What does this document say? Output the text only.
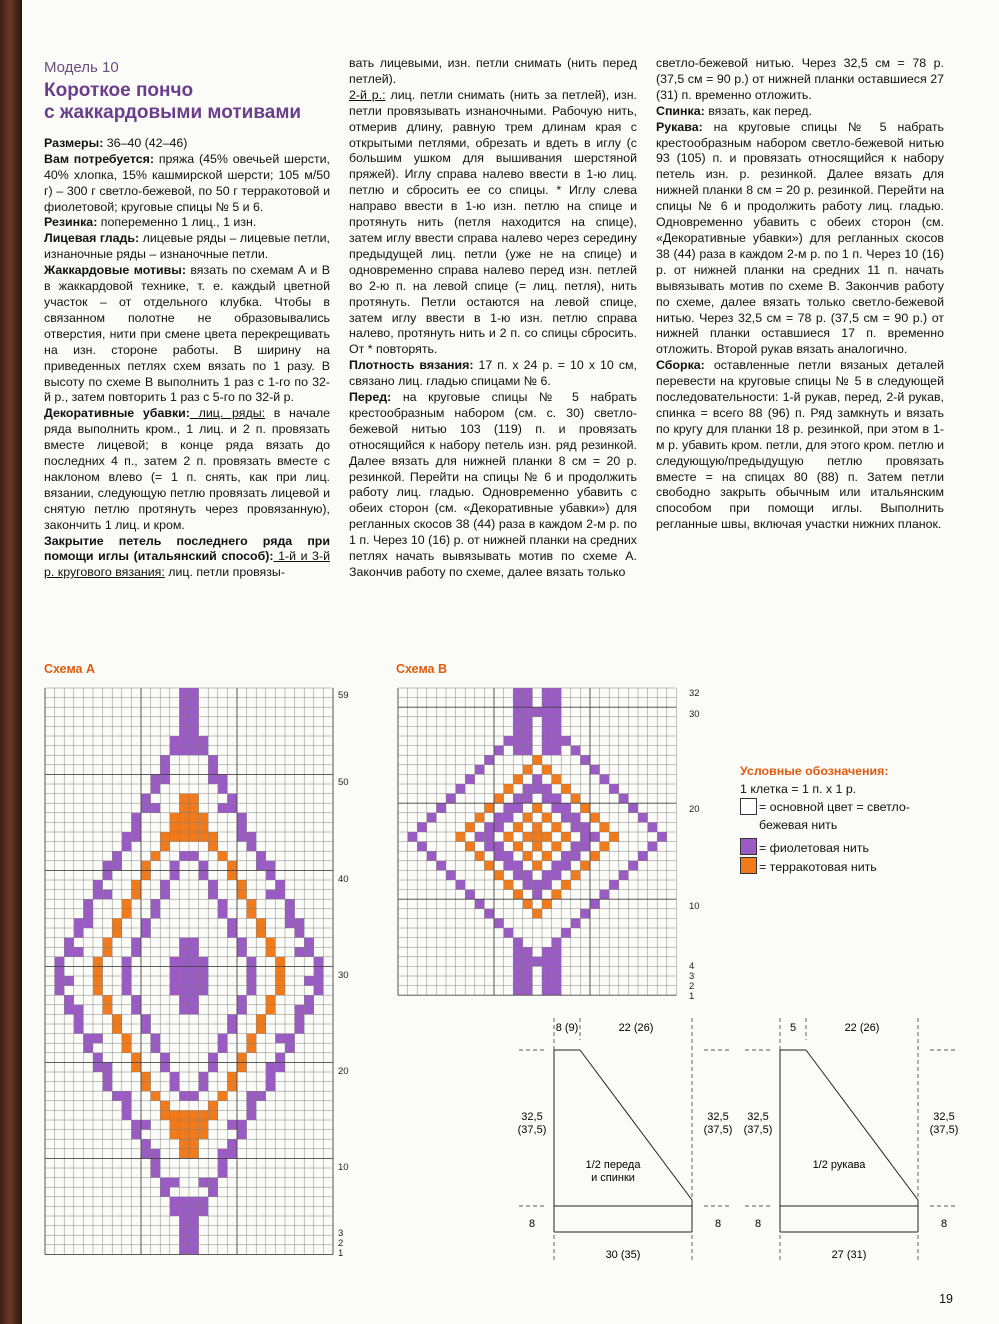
Модель 10
Короткое пончо
с жаккардовыми мотивами

Размеры: 36–40 (42–46)

Вам потребуется: пряжа (45% овечьей шерсти, 40% хлопка, 15% кашмирской шерсти; 105 м/50 г) – 300 г светло-бежевой, по 50 г терракотовой и фиолетовой; круговые спицы № 5 и 6.

Резинка: попеременно 1 лиц., 1 изн.

Лицевая гладь: лицевые ряды – лицевые петли, изнаночные ряды – изнаночные петли.

Жаккардовые мотивы: вязать по схемам А и В в жаккардовой технике, т. е. каждый цветной участок – от отдельного клубка. Чтобы в связанном полотне не образовывались отверстия, нити при смене цвета перекрещивать на изн. стороне работы. В ширину на приведенных петлях схем вязать по 1 разу. В высоту по схеме В выполнить 1 раз с 1-го по 32-й р., затем повторить 1 раз с 5-го по 32-й р.

Декоративные убавки: лиц. ряды: в начале ряда выполнить кром., 1 лиц. и 2 п. провязать вместе лицевой; в конце ряда вязать до последних 4 п., затем 2 п. провязать вместе с наклоном влево (= 1 п. снять, как при лиц. вязании, следующую петлю провязать лицевой и снятую петлю протянуть через провязанную), закончить 1 лиц. и кром.

Закрытие петель последнего ряда при помощи иглы (итальянский способ): 1-й и 3-й р. кругового вязания: лиц. петли провязы-

вать лицевыми, изн. петли снимать (нить перед петлей).

2-й р.: лиц. петли снимать (нить за петлей), изн. петли провязывать изнаночными. Рабочую нить, отмерив длину, равную трем длинам края с открытыми петлями, обрезать и вдеть в иглу (с большим ушком для вышивания шерстяной пряжей). Иглу справа налево ввести в 1-ю лиц. петлю и сбросить ее со спицы. * Иглу слева направо ввести в 1-ю изн. петлю на спице и протянуть нить (петля находится на спице), затем иглу ввести справа налево через середину предыдущей лиц. петли (уже не на спице) и одновременно справа налево перед изн. петлей во 2-ю п. на левой спице (= лиц. петля), нить протянуть. Петли остаются на левой спице, затем иглу ввести в 1-ю изн. петлю справа налево, протянуть нить и 2 п. со спицы сбросить. От * повторять.

Плотность вязания: 17 п. х 24 р. = 10 х 10 см, связано лиц. гладью спицами № 6.

Перед: на круговые спицы № 5 набрать крестообразным набором (см. с. 30) светло-бежевой нитью 103 (119) п. и провязать относящийся к набору петель изн. ряд резинкой. Далее вязать для нижней планки 8 см = 20 р. резинкой. Перейти на спицы № 6 и продолжить работу лиц. гладью. Одновременно убавить с обеих сторон (см. «Декоративные убавки») для регланных скосов 38 (44) раза в каждом 2-м р. по 1 п. Через 10 (16) р. от нижней планки на средних петлях начать вывязывать мотив по схеме А. Закончив работу по схеме, далее вязать только

светло-бежевой нитью. Через 32,5 см = 78 р. (37,5 см = 90 р.) от нижней планки оставшиеся 27 (31) п. временно отложить.

Спинка: вязать, как перед.

Рукава: на круговые спицы № 5 набрать крестообразным набором светло-бежевой нитью 93 (105) п. и провязать относящийся к набору петель изн. р. резинкой. Далее вязать для нижней планки 8 см = 20 р. резинкой. Перейти на спицы № 6 и продолжить работу лиц. гладью. Одновременно убавить с обеих сторон (см. «Декоративные убавки») для регланных скосов 38 (44) раза в каждом 2-м р. по 1 п. Через 10 (16) р. от нижней планки на средних 11 п. начать вывязывать мотив по схеме В. Закончив работу по схеме, далее вязать только светло-бежевой нитью. Через 32,5 см = 78 р. (37,5 см = 90 р.) от нижней планки оставшиеся 17 п. временно отложить. Второй рукав вязать аналогично.

Сборка: оставленные петли вязаных деталей перевести на круговые спицы № 5 в следующей последовательности: 1-й рукав, перед, 2-й рукав, спинка = всего 88 (96) п. Ряд замкнуть и вязать по кругу для планки 18 р. резинкой, при этом в 1-м р. убавить кром. петли, для этого кром. петлю и следующую/предыдущую петлю провязать вместе = на спицах 80 (88) п. Затем петли свободно закрыть обычным или итальянским способом при помощи иглы. Выполнить регланные швы, включая участки нижних планок.

Схема А
59
50
40
30
20
10
3
2
1
Схема В
32
30
20
10
4
3
2
1
Условные обозначения:
1 клетка = 1 п. х 1 р.
= основной цвет = светло-бежевая нить
= фиолетовая нить
= терракотовая нить
8 (9)	22 (26)
32,5
(37,5)
32,5
(37,5)
8	8
1/2 переда
и спинки
30 (35)
5	22 (26)
32,5
(37,5)
32,5
(37,5)
8	8
1/2 рукава
27 (31)
19
